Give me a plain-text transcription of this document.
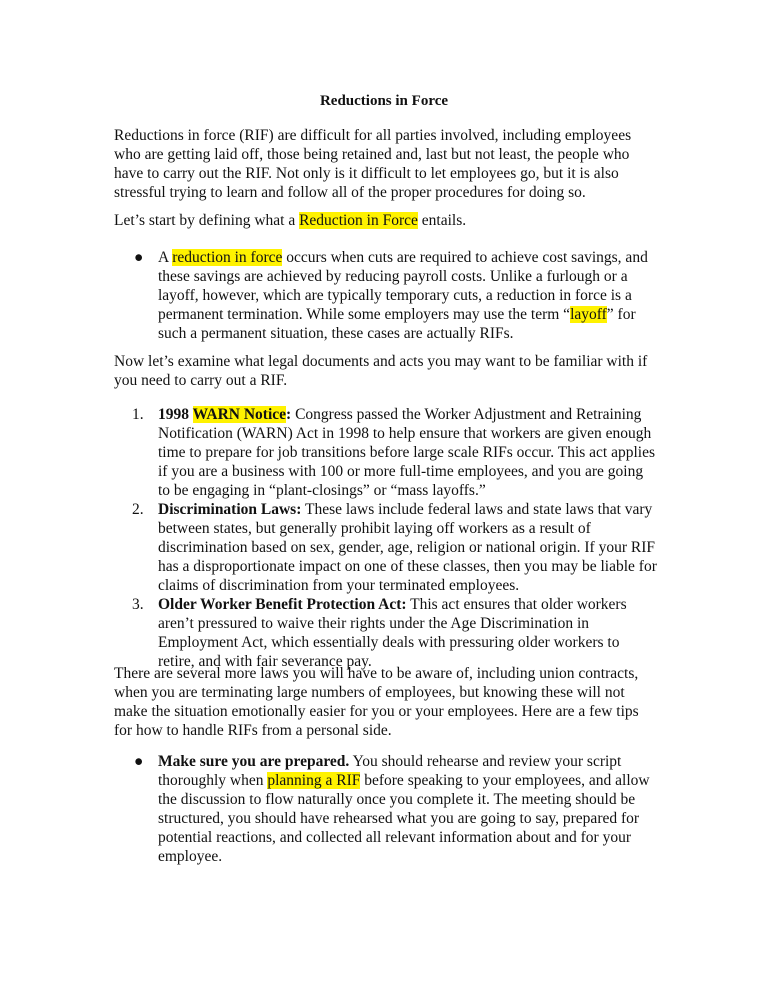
Reductions in Force

Reductions in force (RIF) are difficult for all parties involved, including employees who are getting laid off, those being retained and, last but not least, the people who have to carry out the RIF. Not only is it difficult to let employees go, but it is also stressful trying to learn and follow all of the proper procedures for doing so.

Let’s start by defining what a Reduction in Force entails.

● A reduction in force occurs when cuts are required to achieve cost savings, and these savings are achieved by reducing payroll costs. Unlike a furlough or a layoff, however, which are typically temporary cuts, a reduction in force is a permanent termination. While some employers may use the term “layoff” for such a permanent situation, these cases are actually RIFs.

Now let’s examine what legal documents and acts you may want to be familiar with if you need to carry out a RIF.

1. 1998 WARN Notice: Congress passed the Worker Adjustment and Retraining Notification (WARN) Act in 1998 to help ensure that workers are given enough time to prepare for job transitions before large scale RIFs occur. This act applies if you are a business with 100 or more full-time employees, and you are going to be engaging in “plant-closings” or “mass layoffs.”
2. Discrimination Laws: These laws include federal laws and state laws that vary between states, but generally prohibit laying off workers as a result of discrimination based on sex, gender, age, religion or national origin. If your RIF has a disproportionate impact on one of these classes, then you may be liable for claims of discrimination from your terminated employees.
3. Older Worker Benefit Protection Act: This act ensures that older workers aren’t pressured to waive their rights under the Age Discrimination in Employment Act, which essentially deals with pressuring older workers to retire, and with fair severance pay.

There are several more laws you will have to be aware of, including union contracts, when you are terminating large numbers of employees, but knowing these will not make the situation emotionally easier for you or your employees. Here are a few tips for how to handle RIFs from a personal side.

● Make sure you are prepared. You should rehearse and review your script thoroughly when planning a RIF before speaking to your employees, and allow the discussion to flow naturally once you complete it. The meeting should be structured, you should have rehearsed what you are going to say, prepared for potential reactions, and collected all relevant information about and for your employee.
